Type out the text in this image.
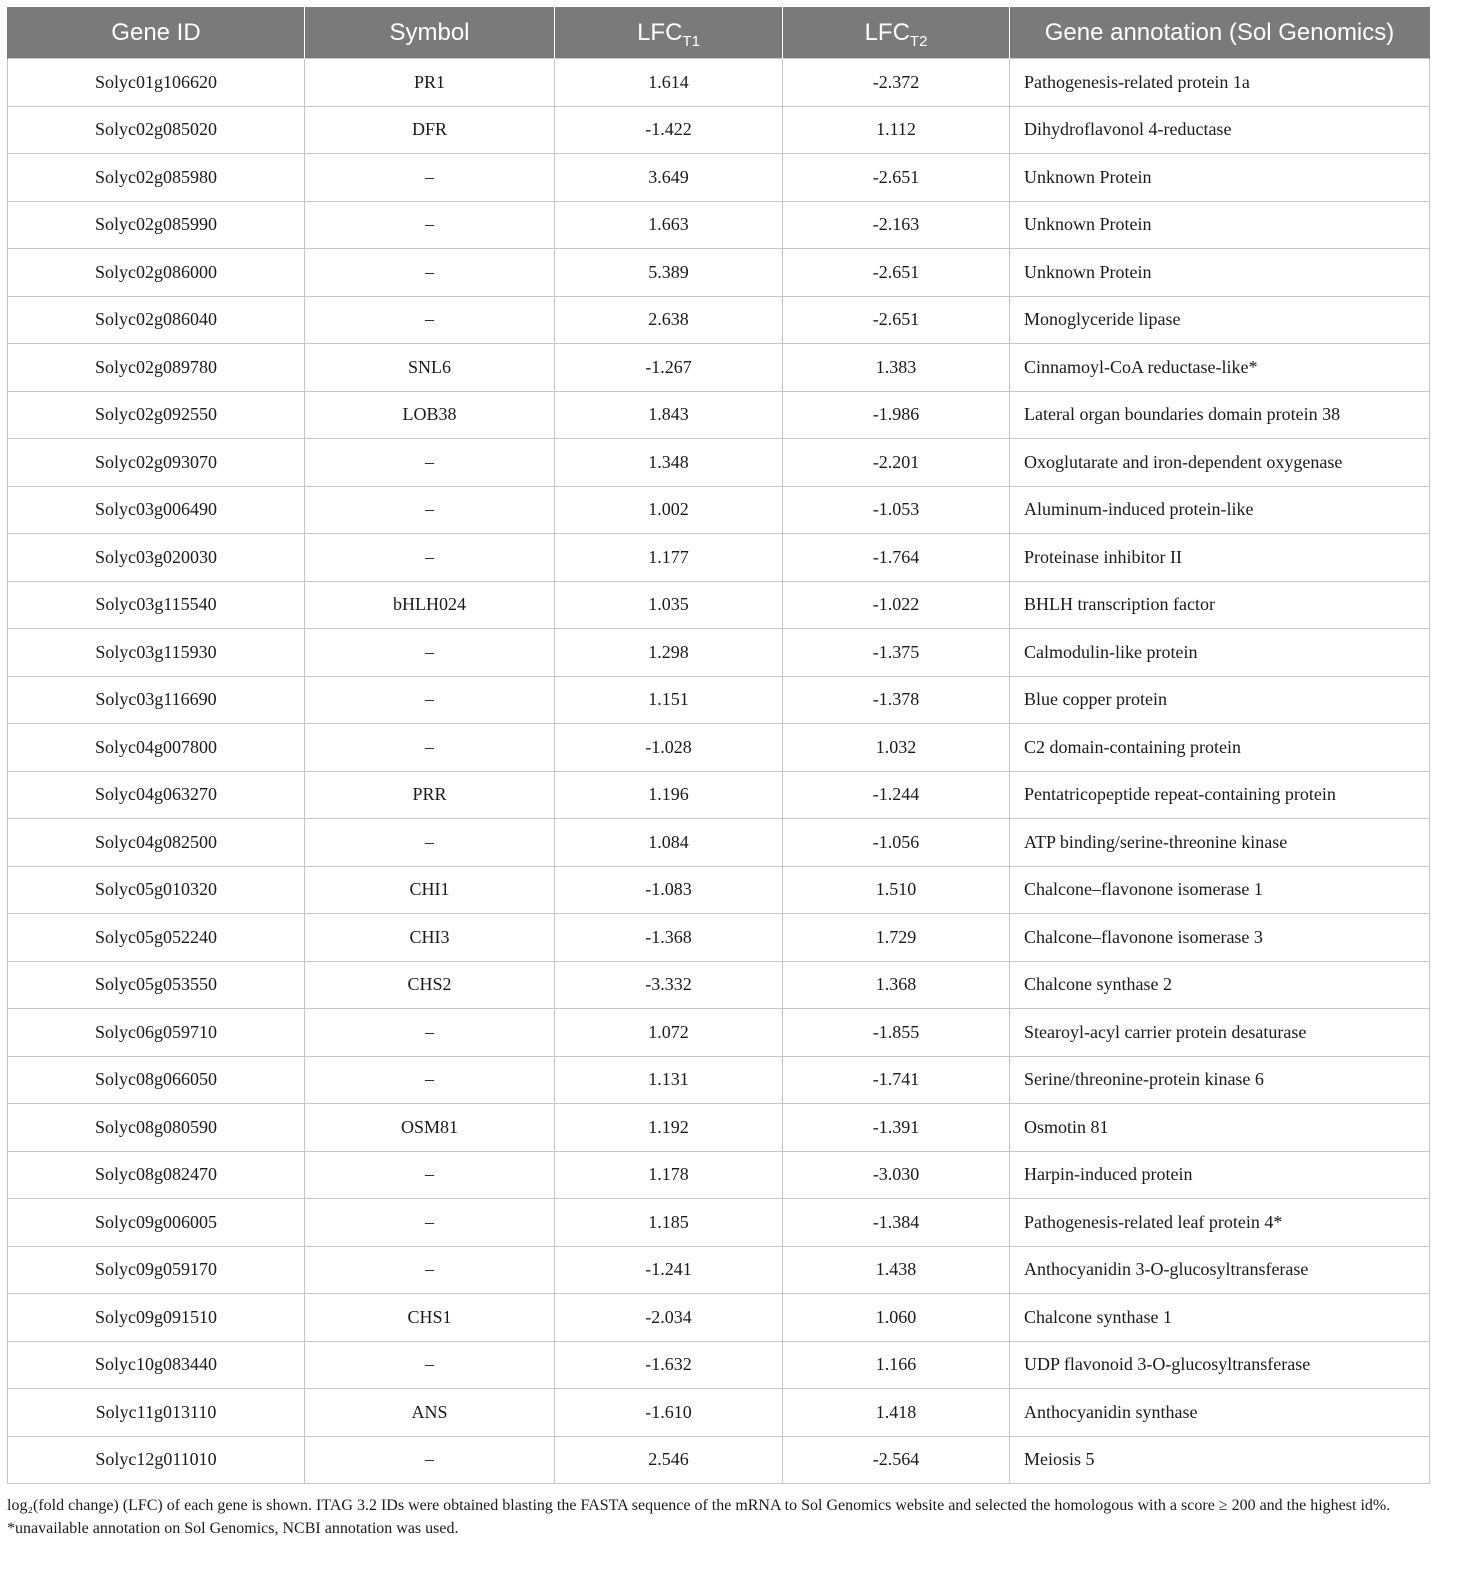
Gene ID	Symbol	$LFC_{T1}$	$LFC_{T2}$	Gene annotation (Sol Genomics)
Solyc01g106620	PR1	1.614	-2.372	Pathogenesis-related protein 1a
Solyc02g085020	DFR	-1.422	1.112	Dihydroflavonol 4-reductase
Solyc02g085980	–	3.649	-2.651	Unknown Protein
Solyc02g085990	–	1.663	-2.163	Unknown Protein
Solyc02g086000	–	5.389	-2.651	Unknown Protein
Solyc02g086040	–	2.638	-2.651	Monoglyceride lipase
Solyc02g089780	SNL6	-1.267	1.383	Cinnamoyl-CoA reductase-like*
Solyc02g092550	LOB38	1.843	-1.986	Lateral organ boundaries domain protein 38
Solyc02g093070	–	1.348	-2.201	Oxoglutarate and iron-dependent oxygenase
Solyc03g006490	–	1.002	-1.053	Aluminum-induced protein-like
Solyc03g020030	–	1.177	-1.764	Proteinase inhibitor II
Solyc03g115540	bHLH024	1.035	-1.022	BHLH transcription factor
Solyc03g115930	–	1.298	-1.375	Calmodulin-like protein
Solyc03g116690	–	1.151	-1.378	Blue copper protein
Solyc04g007800	–	-1.028	1.032	C2 domain-containing protein
Solyc04g063270	PRR	1.196	-1.244	Pentatricopeptide repeat-containing protein
Solyc04g082500	–	1.084	-1.056	ATP binding/serine-threonine kinase
Solyc05g010320	CHI1	-1.083	1.510	Chalcone–flavonone isomerase 1
Solyc05g052240	CHI3	-1.368	1.729	Chalcone–flavonone isomerase 3
Solyc05g053550	CHS2	-3.332	1.368	Chalcone synthase 2
Solyc06g059710	–	1.072	-1.855	Stearoyl-acyl carrier protein desaturase
Solyc08g066050	–	1.131	-1.741	Serine/threonine-protein kinase 6
Solyc08g080590	OSM81	1.192	-1.391	Osmotin 81
Solyc08g082470	–	1.178	-3.030	Harpin-induced protein
Solyc09g006005	–	1.185	-1.384	Pathogenesis-related leaf protein 4*
Solyc09g059170	–	-1.241	1.438	Anthocyanidin 3-O-glucosyltransferase
Solyc09g091510	CHS1	-2.034	1.060	Chalcone synthase 1
Solyc10g083440	–	-1.632	1.166	UDP flavonoid 3-O-glucosyltransferase
Solyc11g013110	ANS	-1.610	1.418	Anthocyanidin synthase
Solyc12g011010	–	2.546	-2.564	Meiosis 5

log₂(fold change) (LFC) of each gene is shown. ITAG 3.2 IDs were obtained blasting the FASTA sequence of the mRNA to Sol Genomics website and selected the homologous with a score ≥ 200 and the highest id%.

*unavailable annotation on Sol Genomics, NCBI annotation was used.
